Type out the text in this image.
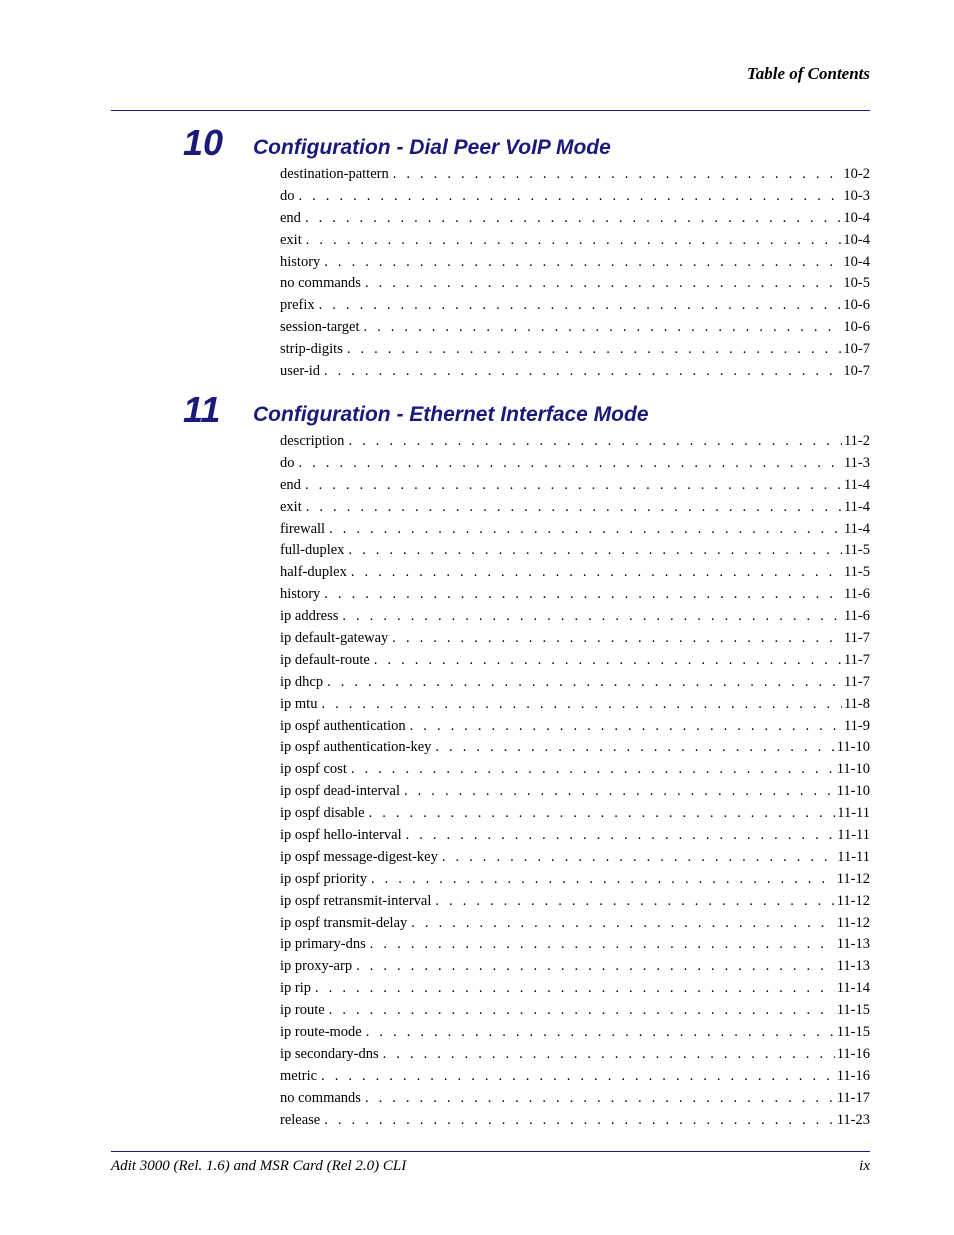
Table of Contents
10 Configuration - Dial Peer VoIP Mode
destination-pattern . . .	10-2
do . . .	10-3
end . . .	10-4
exit . . .	10-4
history . . .	10-4
no commands . . .	10-5
prefix . . .	10-6
session-target . . .	10-6
strip-digits . . .	10-7
user-id . . .	10-7
11 Configuration - Ethernet Interface Mode
description . . .	11-2
do . . .	11-3
end . . .	11-4
exit . . .	11-4
firewall . . .	11-4
full-duplex . . .	11-5
half-duplex . . .	11-5
history . . .	11-6
ip address . . .	11-6
ip default-gateway . . .	11-7
ip default-route . . .	11-7
ip dhcp . . .	11-7
ip mtu . . .	11-8
ip ospf authentication . . .	11-9
ip ospf authentication-key . . .	11-10
ip ospf cost . . .	11-10
ip ospf dead-interval . . .	11-10
ip ospf disable . . .	11-11
ip ospf hello-interval . . .	11-11
ip ospf message-digest-key . . .	11-11
ip ospf priority . . .	11-12
ip ospf retransmit-interval . . .	11-12
ip ospf transmit-delay . . .	11-12
ip primary-dns . . .	11-13
ip proxy-arp . . .	11-13
ip rip . . .	11-14
ip route . . .	11-15
ip route-mode . . .	11-15
ip secondary-dns . . .	11-16
metric . . .	11-16
no commands . . .	11-17
release . . .	11-23
Adit 3000 (Rel. 1.6) and MSR Card (Rel 2.0) CLI	ix
